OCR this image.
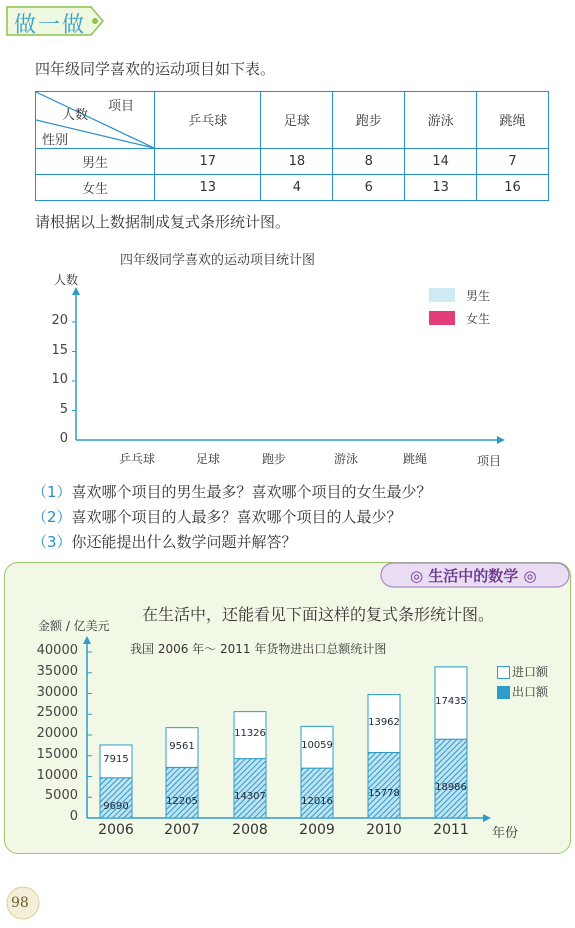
做一做
四年级同学喜欢的运动项目如下表。
项目
人数
性别	乒乓球	足球	跑步	游泳	跳绳
男生	17	18	8	14	7
女生	13	4	6	13	16
请根据以上数据制成复式条形统计图。
四年级同学喜欢的运动项目统计图
人数
项目
男生
女生
（1）喜欢哪个项目的男生最多？喜欢哪个项目的女生最少？
（2）喜欢哪个项目的人最多？喜欢哪个项目的人最少？
（3）你还能提出什么数学问题并解答？
◎ 生活中的数学 ◎
在生活中，还能看见下面这样的复式条形统计图。
金额 / 亿美元
我国 2006 年～ 2011 年货物进出口总额统计图
年份
进口额
出口额
98
0
5
10
15
20
乒乓球	足球	跑步	游泳	跳绳
0
5000
10000
15000
20000
25000
30000
35000
40000
9690
7915
2006
12205
9561
2007
14307
11326
2008
12016
10059
2009
15778
13962
2010
18986
17435
2011
